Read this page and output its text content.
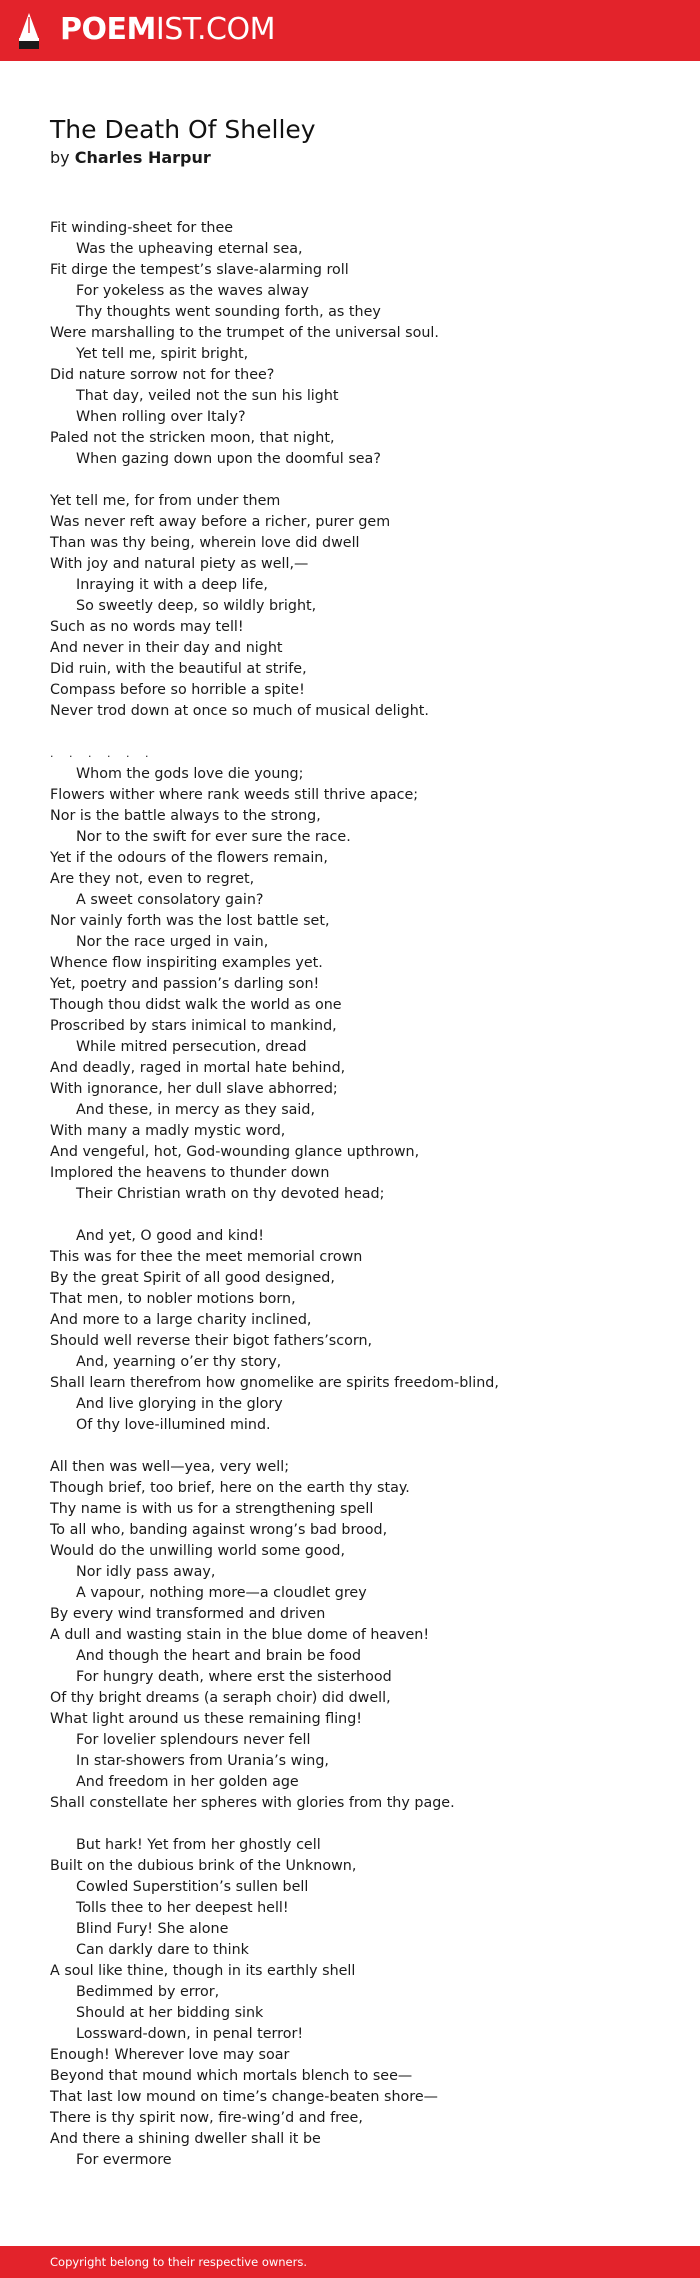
POEMIST.COM
The Death Of Shelley
by Charles Harpur
Fit winding-sheet for thee
Was the upheaving eternal sea,
Fit dirge the tempest’s slave-alarming roll
For yokeless as the waves alway
Thy thoughts went sounding forth, as they
Were marshalling to the trumpet of the universal soul.
Yet tell me, spirit bright,
Did nature sorrow not for thee?
That day, veiled not the sun his light
When rolling over Italy?
Paled not the stricken moon, that night,
When gazing down upon the doomful sea?
Yet tell me, for from under them
Was never reft away before a richer, purer gem
Than was thy being, wherein love did dwell
With joy and natural piety as well,—
Inraying it with a deep life,
So sweetly deep, so wildly bright,
Such as no words may tell!
And never in their day and night
Did ruin, with the beautiful at strife,
Compass before so horrible a spite!
Never trod down at once so much of musical delight.
. . . . . .
Whom the gods love die young;
Flowers wither where rank weeds still thrive apace;
Nor is the battle always to the strong,
Nor to the swift for ever sure the race.
Yet if the odours of the flowers remain,
Are they not, even to regret,
A sweet consolatory gain?
Nor vainly forth was the lost battle set,
Nor the race urged in vain,
Whence flow inspiriting examples yet.
Yet, poetry and passion’s darling son!
Though thou didst walk the world as one
Proscribed by stars inimical to mankind,
While mitred persecution, dread
And deadly, raged in mortal hate behind,
With ignorance, her dull slave abhorred;
And these, in mercy as they said,
With many a madly mystic word,
And vengeful, hot, God-wounding glance upthrown,
Implored the heavens to thunder down
Their Christian wrath on thy devoted head;
And yet, O good and kind!
This was for thee the meet memorial crown
By the great Spirit of all good designed,
That men, to nobler motions born,
And more to a large charity inclined,
Should well reverse their bigot fathers’scorn,
And, yearning o’er thy story,
Shall learn therefrom how gnomelike are spirits freedom-blind,
And live glorying in the glory
Of thy love-illumined mind.
All then was well—yea, very well;
Though brief, too brief, here on the earth thy stay.
Thy name is with us for a strengthening spell
To all who, banding against wrong’s bad brood,
Would do the unwilling world some good,
Nor idly pass away,
A vapour, nothing more—a cloudlet grey
By every wind transformed and driven
A dull and wasting stain in the blue dome of heaven!
And though the heart and brain be food
For hungry death, where erst the sisterhood
Of thy bright dreams (a seraph choir) did dwell,
What light around us these remaining fling!
For lovelier splendours never fell
In star-showers from Urania’s wing,
And freedom in her golden age
Shall constellate her spheres with glories from thy page.
But hark! Yet from her ghostly cell
Built on the dubious brink of the Unknown,
Cowled Superstition’s sullen bell
Tolls thee to her deepest hell!
Blind Fury! She alone
Can darkly dare to think
A soul like thine, though in its earthly shell
Bedimmed by error,
Should at her bidding sink
Lossward-down, in penal terror!
Enough! Wherever love may soar
Beyond that mound which mortals blench to see—
That last low mound on time’s change-beaten shore—
There is thy spirit now, fire-wing’d and free,
And there a shining dweller shall it be
For evermore
Copyright belong to their respective owners.
